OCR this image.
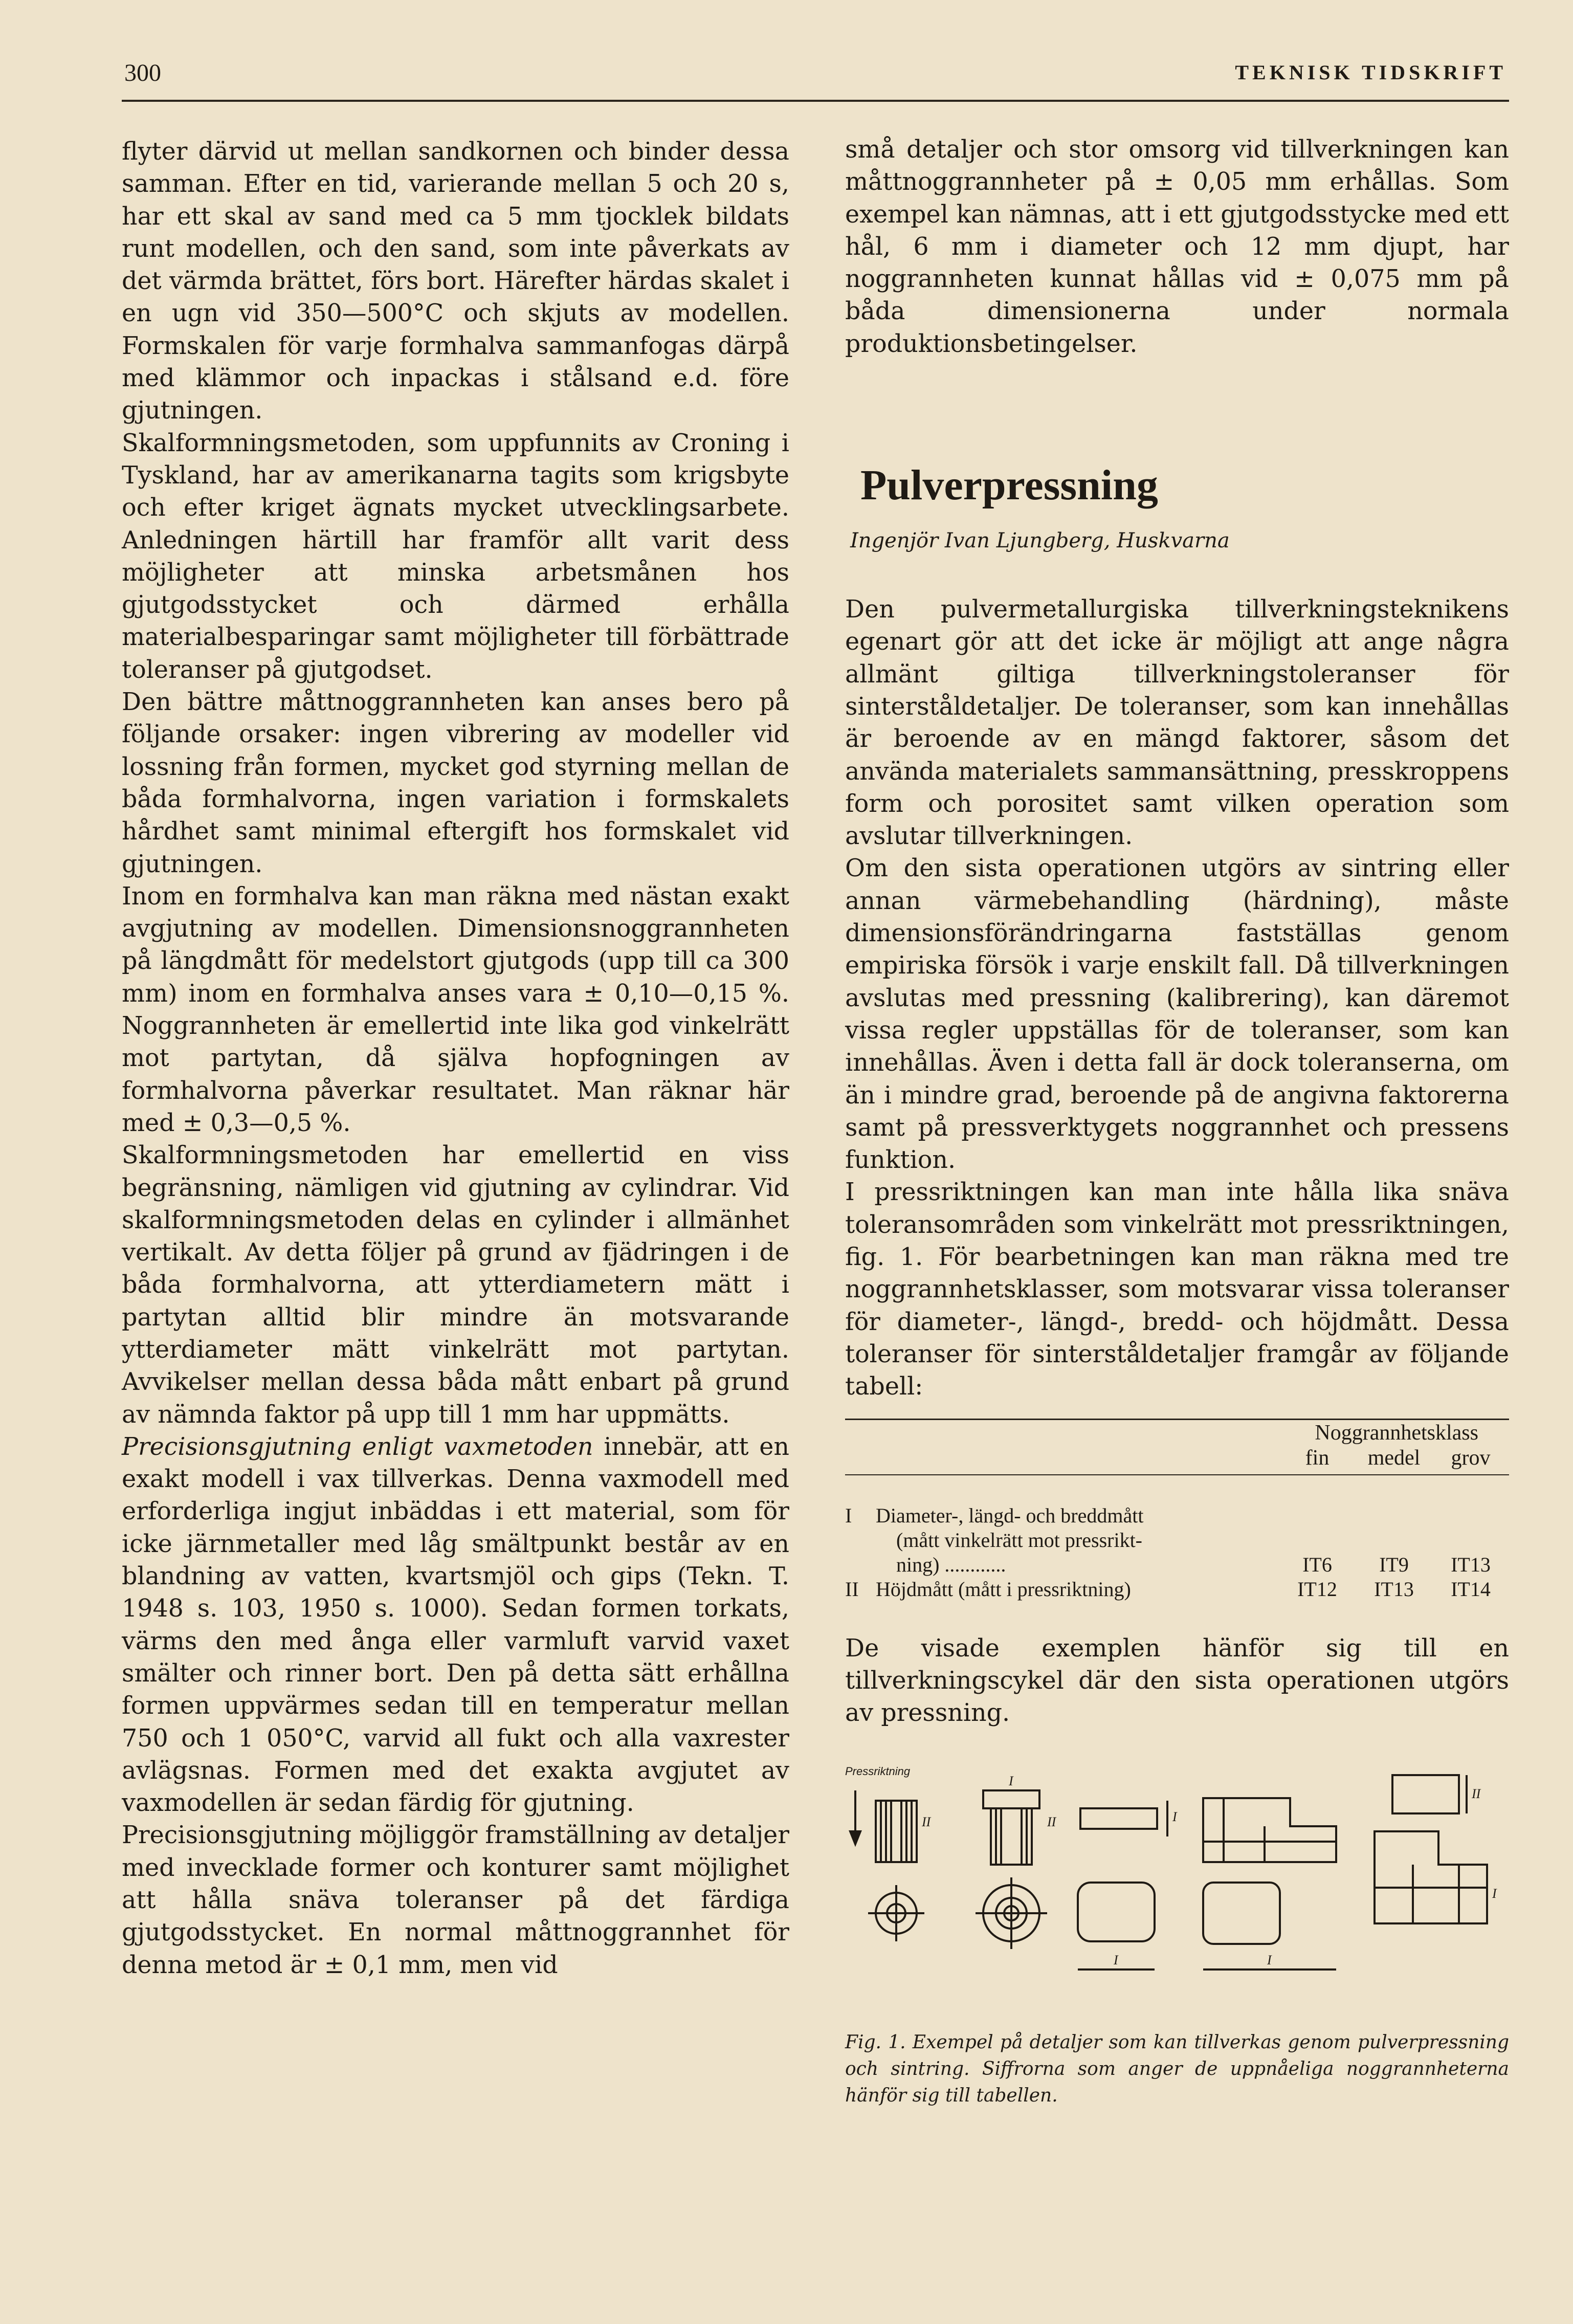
300	TEKNISK TIDSKRIFT

flyter därvid ut mellan sandkornen och binder dessa samman. Efter en tid, varierande mellan 5 och 20 s, har ett skal av sand med ca 5 mm tjocklek bildats runt modellen, och den sand, som inte påverkats av det värmda brättet, förs bort. Härefter härdas skalet i en ugn vid 350—500°C och skjuts av modellen. Formskalen för varje formhalva sammanfogas därpå med klämmor och inpackas i stålsand e.d. före gjutningen.

Skalformningsmetoden, som uppfunnits av Croning i Tyskland, har av amerikanarna tagits som krigsbyte och efter kriget ägnats mycket utvecklingsarbete. Anledningen härtill har framför allt varit dess möjligheter att minska arbetsmånen hos gjutgodsstycket och därmed erhålla materialbesparingar samt möjligheter till förbättrade toleranser på gjutgodset.

Den bättre måttnoggrannheten kan anses bero på följande orsaker: ingen vibrering av modeller vid lossning från formen, mycket god styrning mellan de båda formhalvorna, ingen variation i formskalets hårdhet samt minimal eftergift hos formskalet vid gjutningen.

Inom en formhalva kan man räkna med nästan exakt avgjutning av modellen. Dimensionsnoggrannheten på längdmått för medelstort gjutgods (upp till ca 300 mm) inom en formhalva anses vara ± 0,10—0,15 %. Noggrannheten är emellertid inte lika god vinkelrätt mot partytan, då själva hopfogningen av formhalvorna påverkar resultatet. Man räknar här med ± 0,3—0,5 %.

Skalformningsmetoden har emellertid en viss begränsning, nämligen vid gjutning av cylindrar. Vid skalformningsmetoden delas en cylinder i allmänhet vertikalt. Av detta följer på grund av fjädringen i de båda formhalvorna, att ytterdiametern mätt i partytan alltid blir mindre än motsvarande ytterdiameter mätt vinkelrätt mot partytan. Avvikelser mellan dessa båda mått enbart på grund av nämnda faktor på upp till 1 mm har uppmätts.

Precisionsgjutning enligt vaxmetoden innebär, att en exakt modell i vax tillverkas. Denna vaxmodell med erforderliga ingjut inbäddas i ett material, som för icke järnmetaller med låg smältpunkt består av en blandning av vatten, kvartsmjöl och gips (Tekn. T. 1948 s. 103, 1950 s. 1000). Sedan formen torkats, värms den med ånga eller varmluft varvid vaxet smälter och rinner bort. Den på detta sätt erhållna formen uppvärmes sedan till en temperatur mellan 750 och 1 050°C, varvid all fukt och alla vaxrester avlägsnas. Formen med det exakta avgjutet av vaxmodellen är sedan färdig för gjutning.

Precisionsgjutning möjliggör framställning av detaljer med invecklade former och konturer samt möjlighet att hålla snäva toleranser på det färdiga gjutgodsstycket. En normal måttnoggrannhet för denna metod är ± 0,1 mm, men vid

små detaljer och stor omsorg vid tillverkningen kan måttnoggrannheter på ± 0,05 mm erhållas. Som exempel kan nämnas, att i ett gjutgodsstycke med ett hål, 6 mm i diameter och 12 mm djupt, har noggrannheten kunnat hållas vid ± 0,075 mm på båda dimensionerna under normala produktionsbetingelser.

Pulverpressning
Ingenjör Ivan Ljungberg, Huskvarna

Den pulvermetallurgiska tillverkningsteknikens egenart gör att det icke är möjligt att ange några allmänt giltiga tillverkningstoleranser för sinterståldetaljer. De toleranser, som kan innehållas är beroende av en mängd faktorer, såsom det använda materialets sammansättning, presskroppens form och porositet samt vilken operation som avslutar tillverkningen.

Om den sista operationen utgörs av sintring eller annan värmebehandling (härdning), måste dimensionsförändringarna fastställas genom empiriska försök i varje enskilt fall. Då tillverkningen avslutas med pressning (kalibrering), kan däremot vissa regler uppställas för de toleranser, som kan innehållas. Även i detta fall är dock toleranserna, om än i mindre grad, beroende på de angivna faktorerna samt på pressverktygets noggrannhet och pressens funktion.

I pressriktningen kan man inte hålla lika snäva toleransområden som vinkelrätt mot pressriktningen, fig. 1. För bearbetningen kan man räkna med tre noggrannhetsklasser, som motsvarar vissa toleranser för diameter-, längd-, bredd- och höjdmått. Dessa toleranser för sinterståldetaljer framgår av följande tabell:

Noggrannhetsklass				

		fin	medel	grov

I	Diameter-, längd- och breddmått
(mått vinkelrätt mot pressrikt-
ning) ............	IT6	IT9	IT13
II	Höjdmått (mått i pressriktning)	IT12	IT13	IT14

De visade exemplen hänför sig till en tillverkningscykel där den sista operationen utgörs av pressning.

Pressriktning
II	II
I
I
I	I
II
I
Fig. 1. Exempel på detaljer som kan tillverkas genom pulverpressning och sintring. Siffrorna som anger de uppnåeliga noggrannheterna hänför sig till tabellen.
